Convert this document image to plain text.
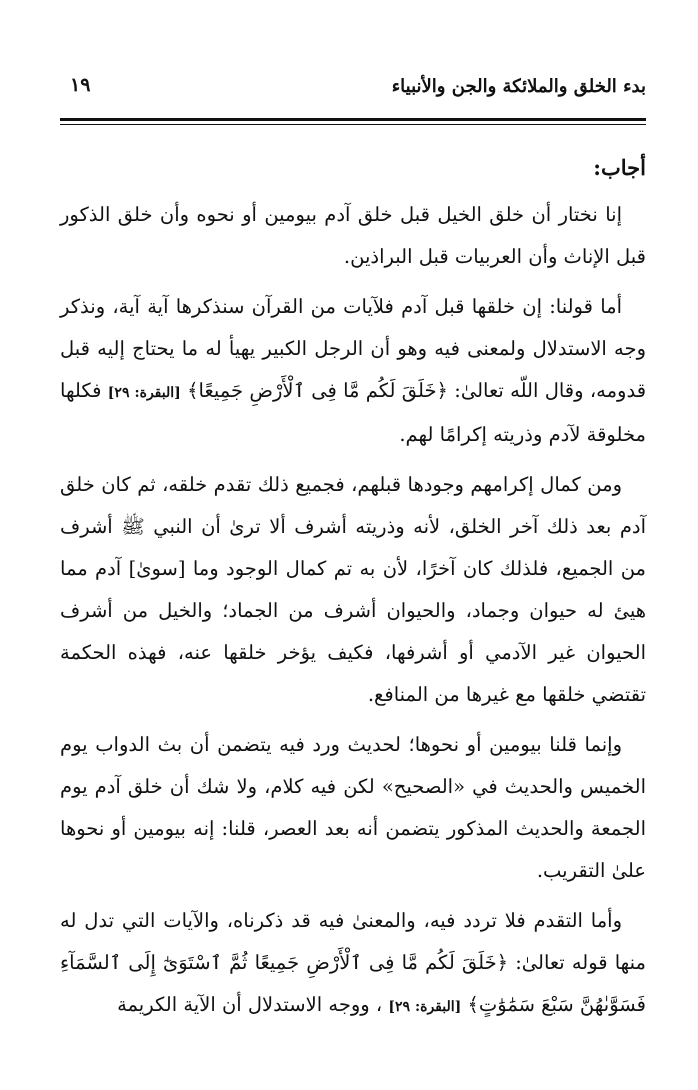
بدء الخلق والملائكة والجن والأنبياء
١٩
أجاب:

إنا نختار أن خلق الخيل قبل خلق آدم بيومين أو نحوه وأن خلق الذكور قبل الإناث وأن العربيات قبل البراذين.

أما قولنا: إن خلقها قبل آدم فلآيات من القرآن سنذكرها آية آية، ونذكر وجه الاستدلال ولمعنى فيه وهو أن الرجل الكبير يهيأ له ما يحتاج إليه قبل قدومه، وقال اللّه تعالىٰ: ﴿خَلَقَ لَكُم مَّا فِى ٱلْأَرْضِ جَمِيعًا﴾ [البقرة: ٢٩] فكلها مخلوقة لآدم وذريته إكرامًا لهم.

ومن كمال إكرامهم وجودها قبلهم، فجميع ذلك تقدم خلقه، ثم كان خلق آدم بعد ذلك آخر الخلق، لأنه وذريته أشرف ألا ترىٰ أن النبي ﷺ أشرف من الجميع، فلذلك كان آخرًا، لأن به تم كمال الوجود وما [سوىٰ] آدم مما هيئ له حيوان وجماد، والحيوان أشرف من الجماد؛ والخيل من أشرف الحيوان غير الآدمي أو أشرفها، فكيف يؤخر خلقها عنه، فهذه الحكمة تقتضي خلقها مع غيرها من المنافع.

وإنما قلنا بيومين أو نحوها؛ لحديث ورد فيه يتضمن أن بث الدواب يوم الخميس والحديث في «الصحيح» لكن فيه كلام، ولا شك أن خلق آدم يوم الجمعة والحديث المذكور يتضمن أنه بعد العصر، قلنا: إنه بيومين أو نحوها علىٰ التقريب.

وأما التقدم فلا تردد فيه، والمعنىٰ فيه قد ذكرناه، والآيات التي تدل له منها قوله تعالىٰ: ﴿خَلَقَ لَكُم مَّا فِى ٱلْأَرْضِ جَمِيعًا ثُمَّ ٱسْتَوَىٰٓ إِلَى ٱلسَّمَآءِ فَسَوَّىٰهُنَّ سَبْعَ سَمَٰوَٰتٍ﴾ [البقرة: ٢٩] ، ووجه الاستدلال أن الآية الكريمة
